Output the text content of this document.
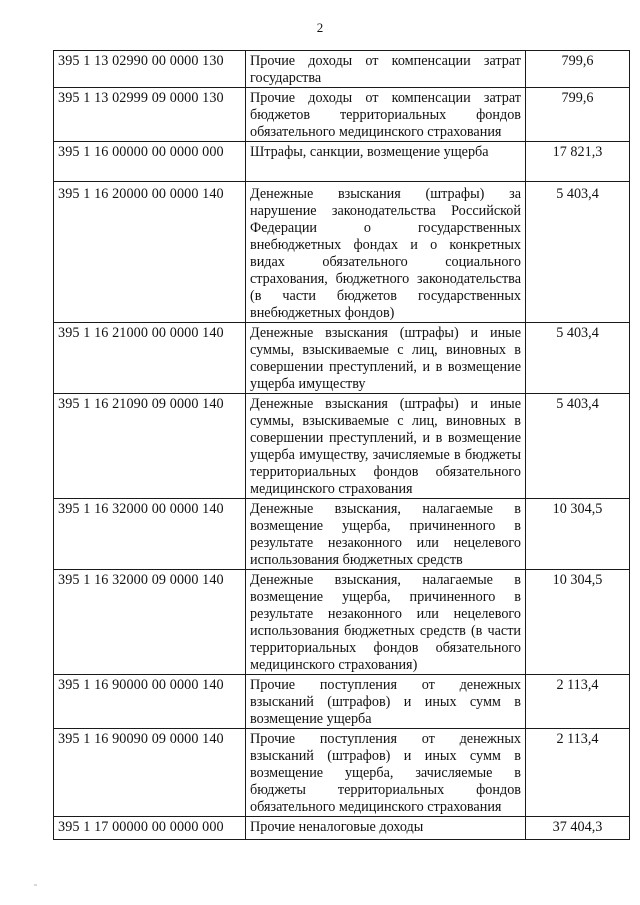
2
395 1 13 02990 00 0000 130	Прочие доходы от компенсации затрат государства	799,6
395 1 13 02999 09 0000 130	Прочие доходы от компенсации затрат бюджетов территориальных фондов обязательного медицинского страхования	799,6
395 1 16 00000 00 0000 000	Штрафы, санкции, возмещение ущерба	17 821,3
395 1 16 20000 00 0000 140	Денежные взыскания (штрафы) за нарушение законодательства Российской Федерации о государственных внебюджетных фондах и о конкретных видах обязательного социального страхования, бюджетного законодательства (в части бюджетов государственных внебюджетных фондов)	5 403,4
395 1 16 21000 00 0000 140	Денежные взыскания (штрафы) и иные суммы, взыскиваемые с лиц, виновных в совершении преступлений, и в возмещение ущерба имуществу	5 403,4
395 1 16 21090 09 0000 140	Денежные взыскания (штрафы) и иные суммы, взыскиваемые с лиц, виновных в совершении преступлений, и в возмещение ущерба имуществу, зачисляемые в бюджеты территориальных фондов обязательного медицинского страхования	5 403,4
395 1 16 32000 00 0000 140	Денежные взыскания, налагаемые в возмещение ущерба, причиненного в результате незаконного или нецелевого использования бюджетных средств	10 304,5
395 1 16 32000 09 0000 140	Денежные взыскания, налагаемые в возмещение ущерба, причиненного в результате незаконного или нецелевого использования бюджетных средств (в части территориальных фондов обязательного медицинского страхования)	10 304,5
395 1 16 90000 00 0000 140	Прочие поступления от денежных взысканий (штрафов) и иных сумм в возмещение ущерба	2 113,4
395 1 16 90090 09 0000 140	Прочие поступления от денежных взысканий (штрафов) и иных сумм в возмещение ущерба, зачисляемые в бюджеты территориальных фондов обязательного медицинского страхования	2 113,4
395 1 17 00000 00 0000 000	Прочие неналоговые доходы	37 404,3
